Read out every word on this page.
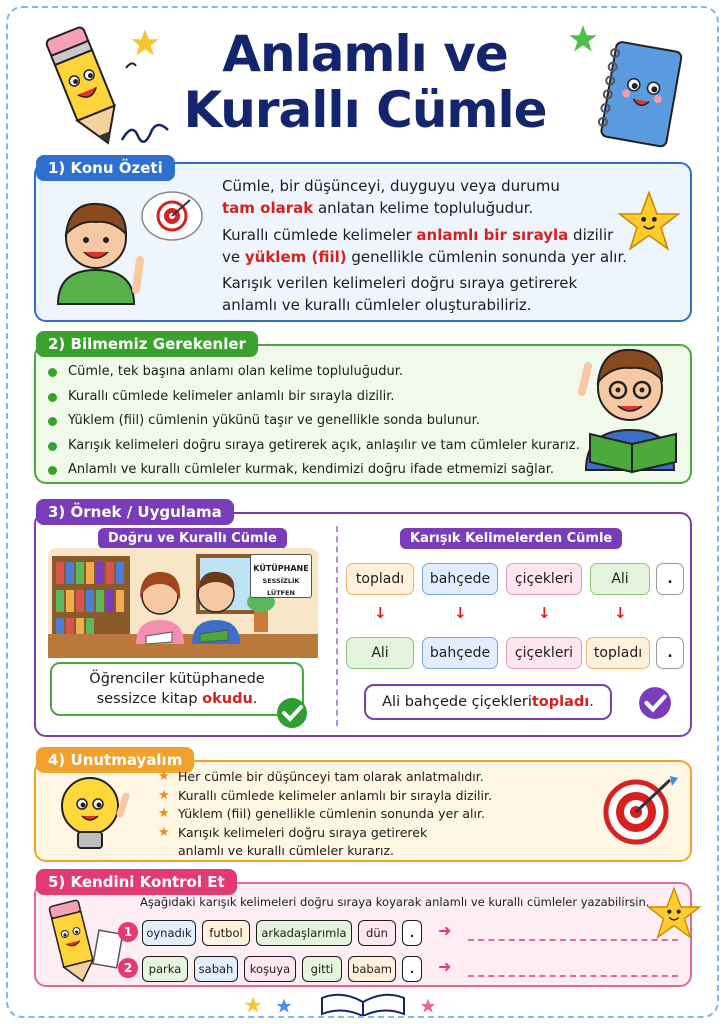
Anlamlı ve
Kurallı Cümle
1) Konu Özeti
Cümle, bir düşünceyi, duyguyu veya durumu
tam olarak anlatan kelime topluluğudur.
Kurallı cümlede kelimeler anlamlı bir sırayla dizilir
ve yüklem (fiil) genellikle cümlenin sonunda yer alır.
Karışık verilen kelimeleri doğru sıraya getirerek
anlamlı ve kurallı cümleler oluşturabiliriz.
2) Bilmemiz Gerekenler
Cümle, tek başına anlamı olan kelime topluluğudur.
Kurallı cümlede kelimeler anlamlı bir sırayla dizilir.
Yüklem (fiil) cümlenin yükünü taşır ve genellikle sonda bulunur.
Karışık kelimeleri doğru sıraya getirerek açık, anlaşılır ve tam cümleler kurarız.
Anlamlı ve kurallı cümleler kurmak, kendimizi doğru ifade etmemizi sağlar.
3) Örnek / Uygulama
Doğru ve Kurallı Cümle
KÜTÜPHANE
SESSİZLİK LÜTFEN
Öğrenciler kütüphanede
sessizce kitap okudu.
Karışık Kelimelerden Cümle
topladı	bahçede	çiçekleri	Ali	.
↓	↓	↓	↓
Ali	bahçede	çiçekleri	topladı	.
Ali bahçede çiçekleri topladı .
4) Unutmayalım
★ Her cümle bir düşünceyi tam olarak anlatmalıdır.
★ Kurallı cümlede kelimeler anlamlı bir sırayla dizilir.
★ Yüklem (fiil) genellikle cümlenin sonunda yer alır.
★ Karışık kelimeleri doğru sıraya getirerek
anlamlı ve kurallı cümleler kurarız.
5) Kendini Kontrol Et
Aşağıdaki karışık kelimeleri doğru sıraya koyarak anlamlı ve kurallı cümleler yazabilirsin.
1	oynadık	futbol	arkadaşlarımla	dün	.	➜
2	parka	sabah	koşuya	gitti	babam	.	➜
